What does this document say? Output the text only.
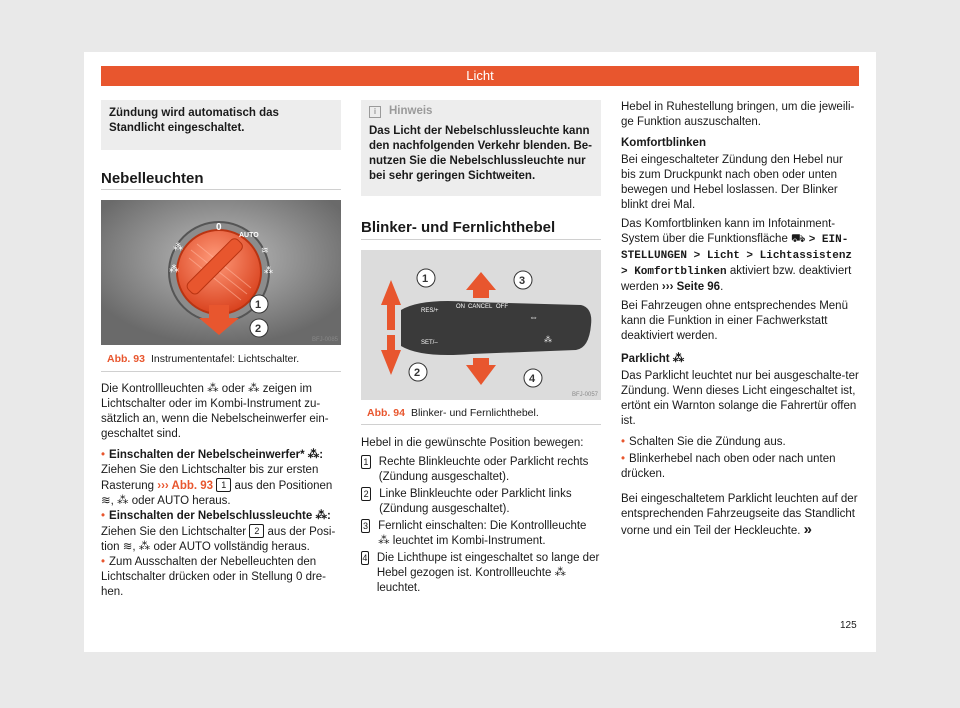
Licht

Zündung wird automatisch das Standlicht eingeschaltet.

Nebelleuchten
0
AUTO
≋
⁂
⁂
⁂
1
2
BFJ-0085
Abb. 93 Instrumententafel: Lichtschalter.

Die Kontrollleuchten ⁂ oder ⁂ zeigen im Lichtschalter oder im Kombi-Instrument zu-sätzlich an, wenn die Nebelscheinwerfer ein-geschaltet sind.

• Einschalten der Nebelscheinwerfer* ⁂:
Ziehen Sie den Lichtschalter bis zur ersten Rasterung ››› Abb. 93 1 aus den Positionen ≋, ⁂ oder AUTO heraus.

• Einschalten der Nebelschlussleuchte ⁂:
Ziehen Sie den Lichtschalter 2 aus der Posi-tion ≋, ⁂ oder AUTO vollständig heraus.

• Zum Ausschalten der Nebelleuchten den Lichtschalter drücken oder in Stellung 0 dre-hen.

i Hinweis

Das Licht der Nebelschlussleuchte kann den nachfolgenden Verkehr blenden. Be-nutzen Sie die Nebelschlussleuchte nur bei sehr geringen Sichtweiten.

Blinker- und Fernlichthebel
RES/+
ON CANCEL OFF
SET/–
⇔
⁂
1	3
2	4
BFJ-0057
Abb. 94 Blinker- und Fernlichthebel.

Hebel in die gewünschte Position bewegen:

1 Rechte Blinkleuchte oder Parklicht rechts (Zündung ausgeschaltet).

2 Linke Blinkleuchte oder Parklicht links (Zündung ausgeschaltet).

3 Fernlicht einschalten: Die Kontrollleuchte ⁂ leuchtet im Kombi-Instrument.

4 Die Lichthupe ist eingeschaltet so lange der Hebel gezogen ist. Kontrollleuchte ⁂ leuchtet.

Hebel in Ruhestellung bringen, um die jeweili-ge Funktion auszuschalten.

Komfortblinken

Bei eingeschalteter Zündung den Hebel nur bis zum Druckpunkt nach oben oder unten bewegen und Hebel loslassen. Der Blinker blinkt drei Mal.

Das Komfortblinken kann im Infotainment-System über die Funktionsfläche ⛟ > EIN-STELLUNGEN > Licht > Lichtassistenz > Komfortblinken aktiviert bzw. deaktiviert werden ››› Seite 96.

Bei Fahrzeugen ohne entsprechendes Menü kann die Funktion in einer Fachwerkstatt deaktiviert werden.

Parklicht ⁂

Das Parklicht leuchtet nur bei ausgeschalte-ter Zündung. Wenn dieses Licht eingeschaltet ist, ertönt ein Warnton solange die Fahrertür offen ist.

• Schalten Sie die Zündung aus.

• Blinkerhebel nach oben oder nach unten drücken.

Bei eingeschaltetem Parklicht leuchten auf der entsprechenden Fahrzeugseite das Standlicht vorne und ein Teil der Heckleuchte. »

125
